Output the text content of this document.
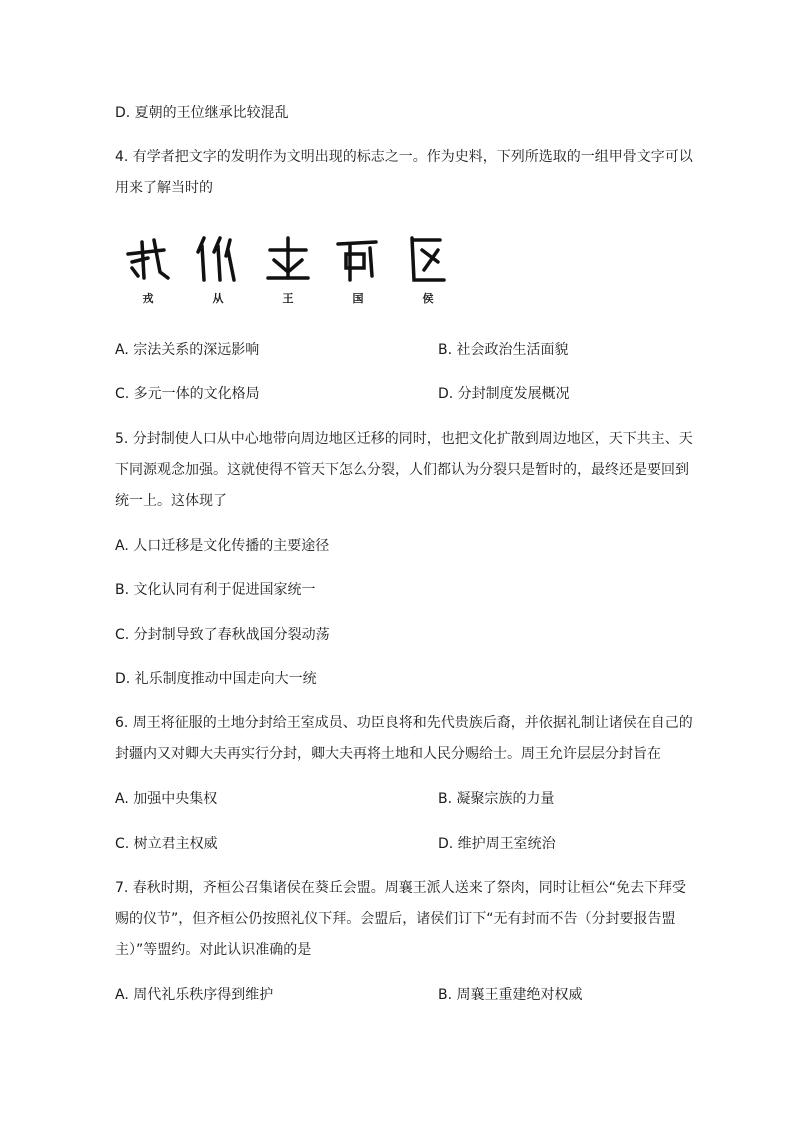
D. 夏朝的王位继承比较混乱
4. 有学者把文字的发明作为文明出现的标志之一。作为史料，下列所选取的一组甲骨文字可以
用来了解当时的
戎	从	王	国	侯
A. 宗法关系的深远影响	B. 社会政治生活面貌
C. 多元一体的文化格局	D. 分封制度发展概况
5. 分封制使人口从中心地带向周边地区迁移的同时，也把文化扩散到周边地区，天下共主、天
下同源观念加强。这就使得不管天下怎么分裂，人们都认为分裂只是暂时的，最终还是要回到
统一上。这体现了
A. 人口迁移是文化传播的主要途径
B. 文化认同有利于促进国家统一
C. 分封制导致了春秋战国分裂动荡
D. 礼乐制度推动中国走向大一统
6. 周王将征服的土地分封给王室成员、功臣良将和先代贵族后裔，并依据礼制让诸侯在自己的
封疆内又对卿大夫再实行分封，卿大夫再将土地和人民分赐给士。周王允许层层分封旨在
A. 加强中央集权	B. 凝聚宗族的力量
C. 树立君主权威	D. 维护周王室统治
7. 春秋时期，齐桓公召集诸侯在葵丘会盟。周襄王派人送来了祭肉，同时让桓公“免去下拜受
赐的仪节”，但齐桓公仍按照礼仪下拜。会盟后，诸侯们订下“无有封而不告（分封要报告盟
主）”等盟约。对此认识准确的是
A. 周代礼乐秩序得到维护	B. 周襄王重建绝对权威
